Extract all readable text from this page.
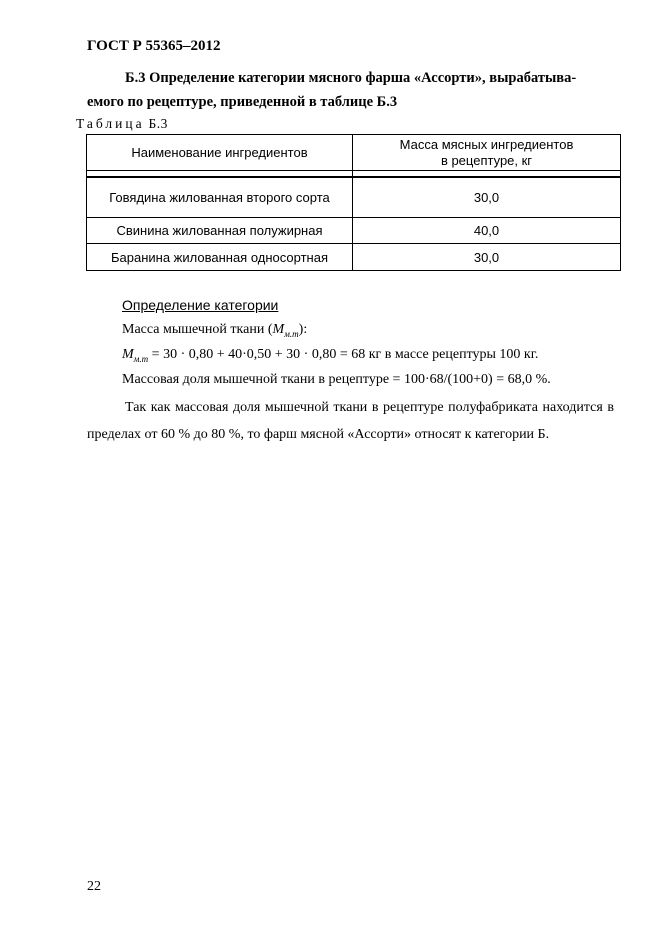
ГОСТ Р 55365–2012
Б.3 Определение категории мясного фарша «Ассорти», вырабатыва-
емого по рецептуре, приведенной в таблице Б.3
Таблица Б.3
Наименование ингредиентов	Масса мясных ингредиентов
в рецептуре, кг

Говядина жилованная второго сорта	30,0
Свинина жилованная полужирная	40,0
Баранина жилованная односортная	30,0
Определение категории
Масса мышечной ткани $(М_{м.т})$:
$М_{м.т} = 30 \cdot 0,80 + 40\cdot 0,50 + 30 \cdot 0,80 = 68$ кг в массе рецептуры 100 кг.
Массовая доля мышечной ткани в рецептуре = 100·68/(100+0) = 68,0 %.
Так как массовая доля мышечной ткани в рецептуре полуфабриката находится в пределах от 60 % до 80 %, то фарш мясной «Ассорти» относят к категории Б.
22
